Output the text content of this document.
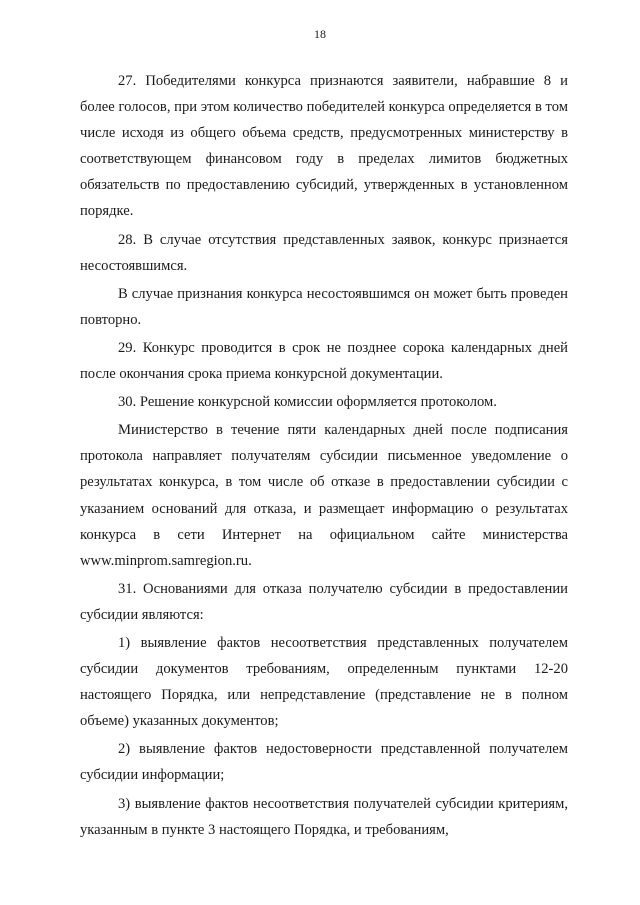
18

27. Победителями конкурса признаются заявители, набравшие 8 и более голосов, при этом количество победителей конкурса определяется в том числе исходя из общего объема средств, предусмотренных министерству в соответствующем финансовом году в пределах лимитов бюджетных обязательств по предоставлению субсидий, утвержденных в установленном порядке.

28. В случае отсутствия представленных заявок, конкурс признается несостоявшимся.

В случае признания конкурса несостоявшимся он может быть проведен повторно.

29. Конкурс проводится в срок не позднее сорока календарных дней после окончания срока приема конкурсной документации.

30. Решение конкурсной комиссии оформляется протоколом.

Министерство в течение пяти календарных дней после подписания протокола направляет получателям субсидии письменное уведомление о результатах конкурса, в том числе об отказе в предоставлении субсидии с указанием оснований для отказа, и размещает информацию о результатах конкурса в сети Интернет на официальном сайте министерства www.minprom.samregion.ru.

31. Основаниями для отказа получателю субсидии в предоставлении субсидии являются:

1) выявление фактов несоответствия представленных получателем субсидии документов требованиям, определенным пунктами 12-20 настоящего Порядка, или непредставление (представление не в полном объеме) указанных документов;

2) выявление фактов недостоверности представленной получателем субсидии информации;

3) выявление фактов несоответствия получателей субсидии критериям, указанным в пункте 3 настоящего Порядка, и требованиям,
